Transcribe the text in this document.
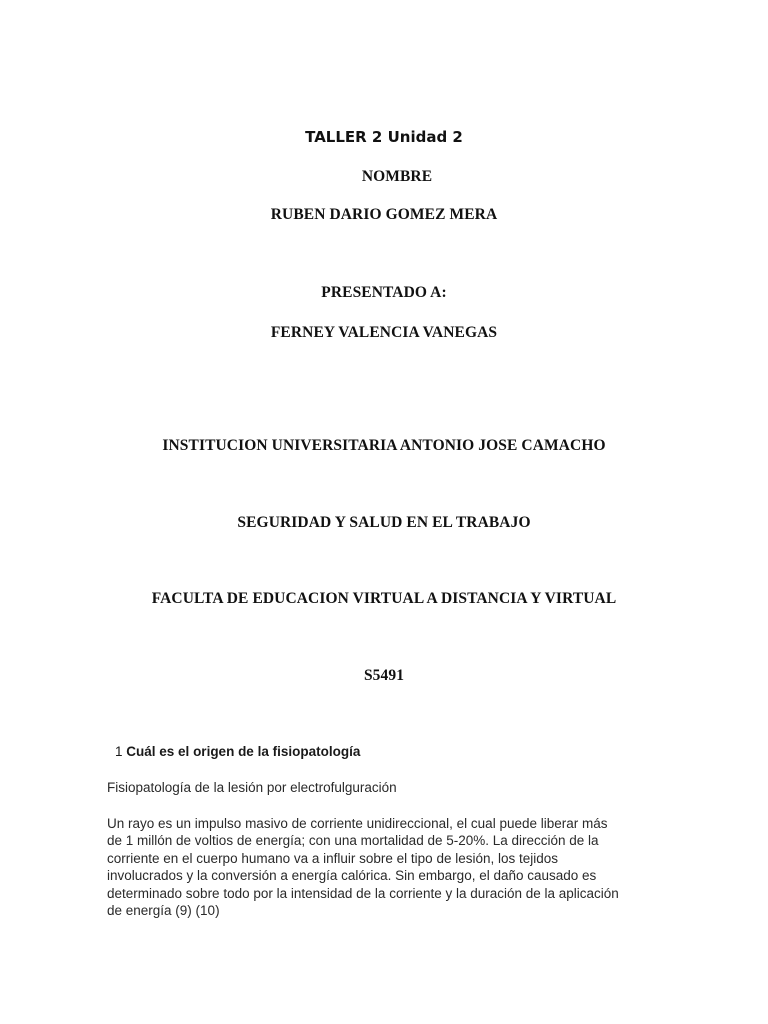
TALLER 2 Unidad 2
NOMBRE
RUBEN DARIO GOMEZ MERA
PRESENTADO A:
FERNEY VALENCIA VANEGAS
INSTITUCION UNIVERSITARIA ANTONIO JOSE CAMACHO
SEGURIDAD Y SALUD EN EL TRABAJO
FACULTA DE EDUCACION VIRTUAL A DISTANCIA Y VIRTUAL
S5491
1 Cuál es el origen de la fisiopatología
Fisiopatología de la lesión por electrofulguración
Un rayo es un impulso masivo de corriente unidireccional, el cual puede liberar más
de 1 millón de voltios de energía; con una mortalidad de 5-20%. La dirección de la
corriente en el cuerpo humano va a influir sobre el tipo de lesión, los tejidos
involucrados y la conversión a energía calórica. Sin embargo, el daño causado es
determinado sobre todo por la intensidad de la corriente y la duración de la aplicación
de energía (9) (10)
